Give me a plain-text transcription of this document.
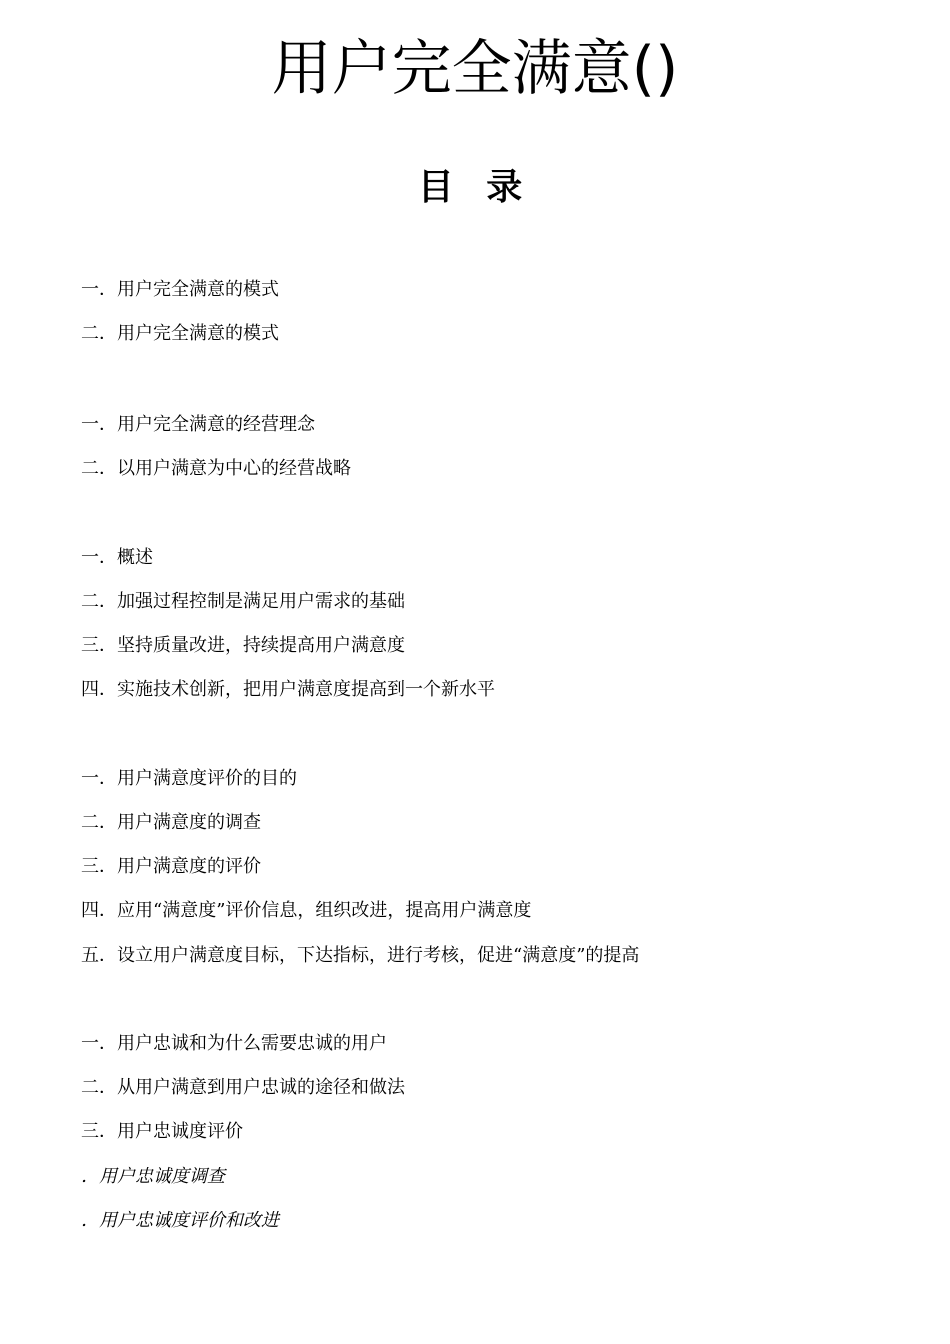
用户完全满意()
目 录
一．用户完全满意的模式
二．用户完全满意的模式
一．用户完全满意的经营理念
二．以用户满意为中心的经营战略
一．概述
二．加强过程控制是满足用户需求的基础
三．坚持质量改进，持续提高用户满意度
四．实施技术创新，把用户满意度提高到一个新水平
一．用户满意度评价的目的
二．用户满意度的调查
三．用户满意度的评价
四．应用“满意度”评价信息，组织改进，提高用户满意度
五．设立用户满意度目标，下达指标，进行考核，促进“满意度”的提高
一．用户忠诚和为什么需要忠诚的用户
二．从用户满意到用户忠诚的途径和做法
三．用户忠诚度评价
．用户忠诚度调查
．用户忠诚度评价和改进
